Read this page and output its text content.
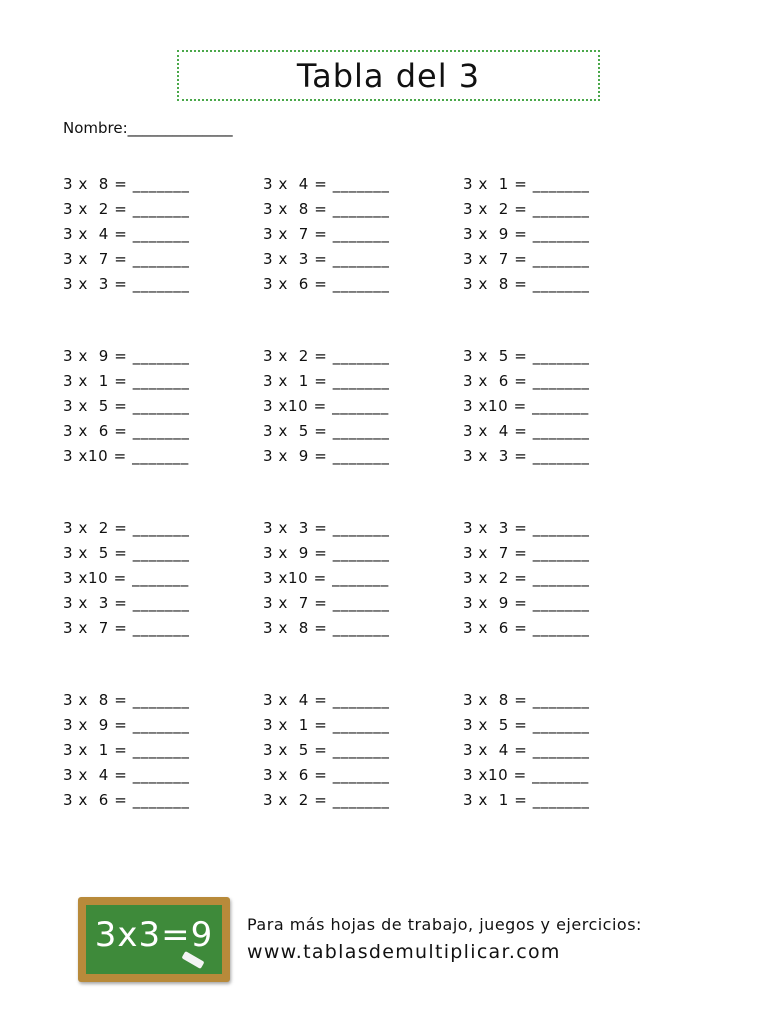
Tabla del 3
Nombre:______________
3 x  8 = _______
3 x  2 = _______
3 x  4 = _______
3 x  7 = _______
3 x  3 = _______
3 x  4 = _______
3 x  8 = _______
3 x  7 = _______
3 x  3 = _______
3 x  6 = _______
3 x  1 = _______
3 x  2 = _______
3 x  9 = _______
3 x  7 = _______
3 x  8 = _______
3 x  9 = _______
3 x  1 = _______
3 x  5 = _______
3 x  6 = _______
3 x10 = _______
3 x  2 = _______
3 x  1 = _______
3 x10 = _______
3 x  5 = _______
3 x  9 = _______
3 x  5 = _______
3 x  6 = _______
3 x10 = _______
3 x  4 = _______
3 x  3 = _______
3 x  2 = _______
3 x  5 = _______
3 x10 = _______
3 x  3 = _______
3 x  7 = _______
3 x  3 = _______
3 x  9 = _______
3 x10 = _______
3 x  7 = _______
3 x  8 = _______
3 x  3 = _______
3 x  7 = _______
3 x  2 = _______
3 x  9 = _______
3 x  6 = _______
3 x  8 = _______
3 x  9 = _______
3 x  1 = _______
3 x  4 = _______
3 x  6 = _______
3 x  4 = _______
3 x  1 = _______
3 x  5 = _______
3 x  6 = _______
3 x  2 = _______
3 x  8 = _______
3 x  5 = _______
3 x  4 = _______
3 x10 = _______
3 x  1 = _______
3x3=9	Para más hojas de trabajo, juegos y ejercicios:
www.tablasdemultiplicar.com
